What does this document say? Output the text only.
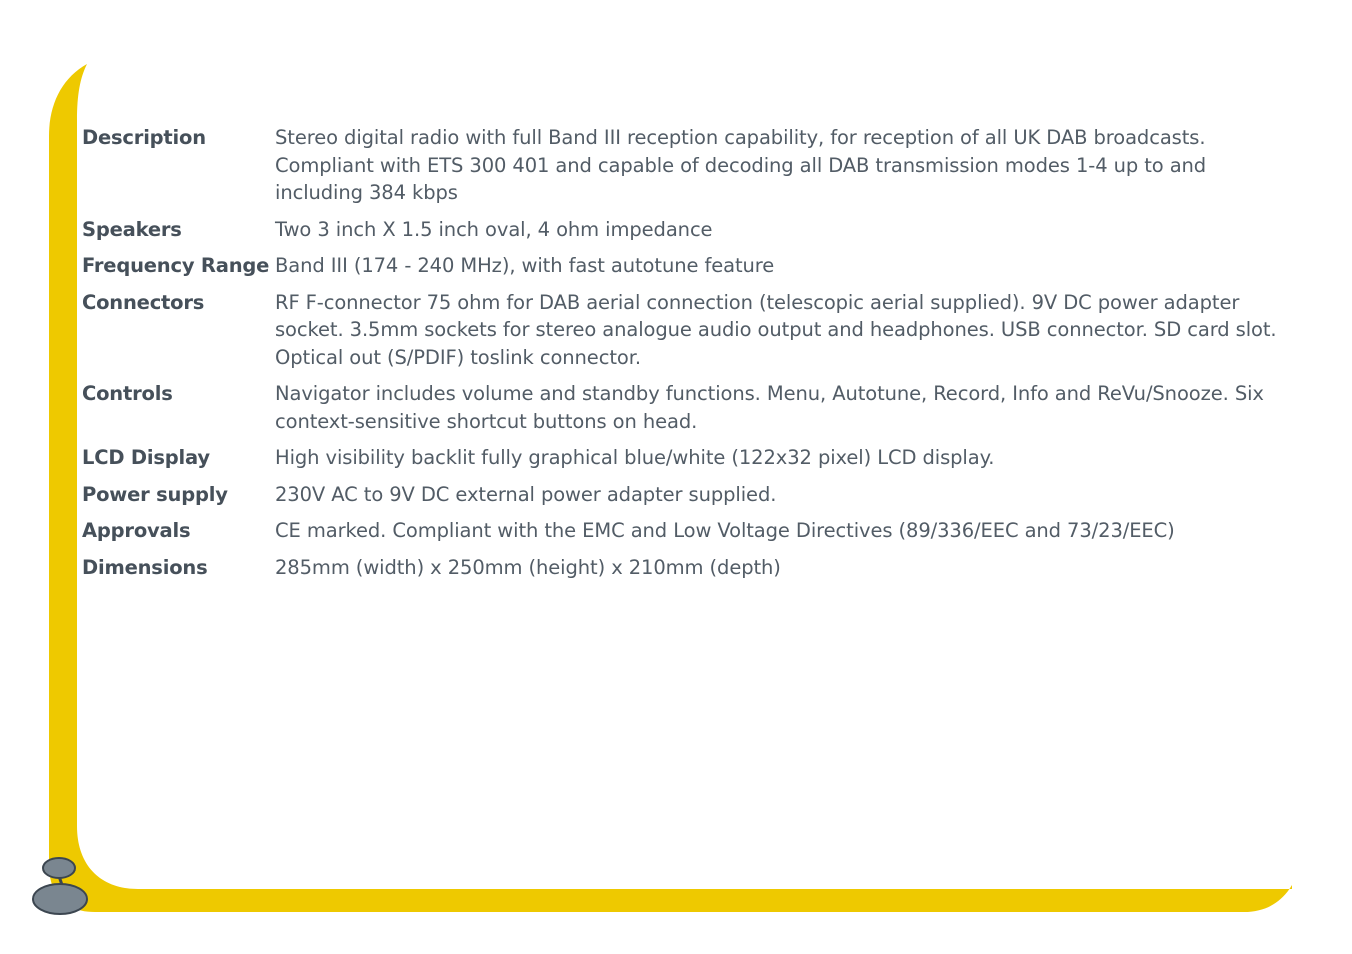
Description	Stereo digital radio with full Band III reception capability, for reception of all UK DAB broadcasts. Compliant with ETS 300 401 and capable of decoding all DAB transmission modes 1-4 up to and including 384 kbps
Speakers	Two 3 inch X 1.5 inch oval, 4 ohm impedance
Frequency Range	Band III (174 - 240 MHz), with fast autotune feature
Connectors	RF F-connector 75 ohm for DAB aerial connection (telescopic aerial supplied). 9V DC power adapter socket. 3.5mm sockets for stereo analogue audio output and headphones. USB connector. SD card slot. Optical out (S/PDIF) toslink connector.
Controls	Navigator includes volume and standby functions. Menu, Autotune, Record, Info and ReVu/Snooze. Six context-sensitive shortcut buttons on head.
LCD Display	High visibility backlit fully graphical blue/white (122x32 pixel) LCD display.
Power supply	230V AC to 9V DC external power adapter supplied.
Approvals	CE marked. Compliant with the EMC and Low Voltage Directives (89/336/EEC and 73/23/EEC)
Dimensions	285mm (width) x 250mm (height) x 210mm (depth)
